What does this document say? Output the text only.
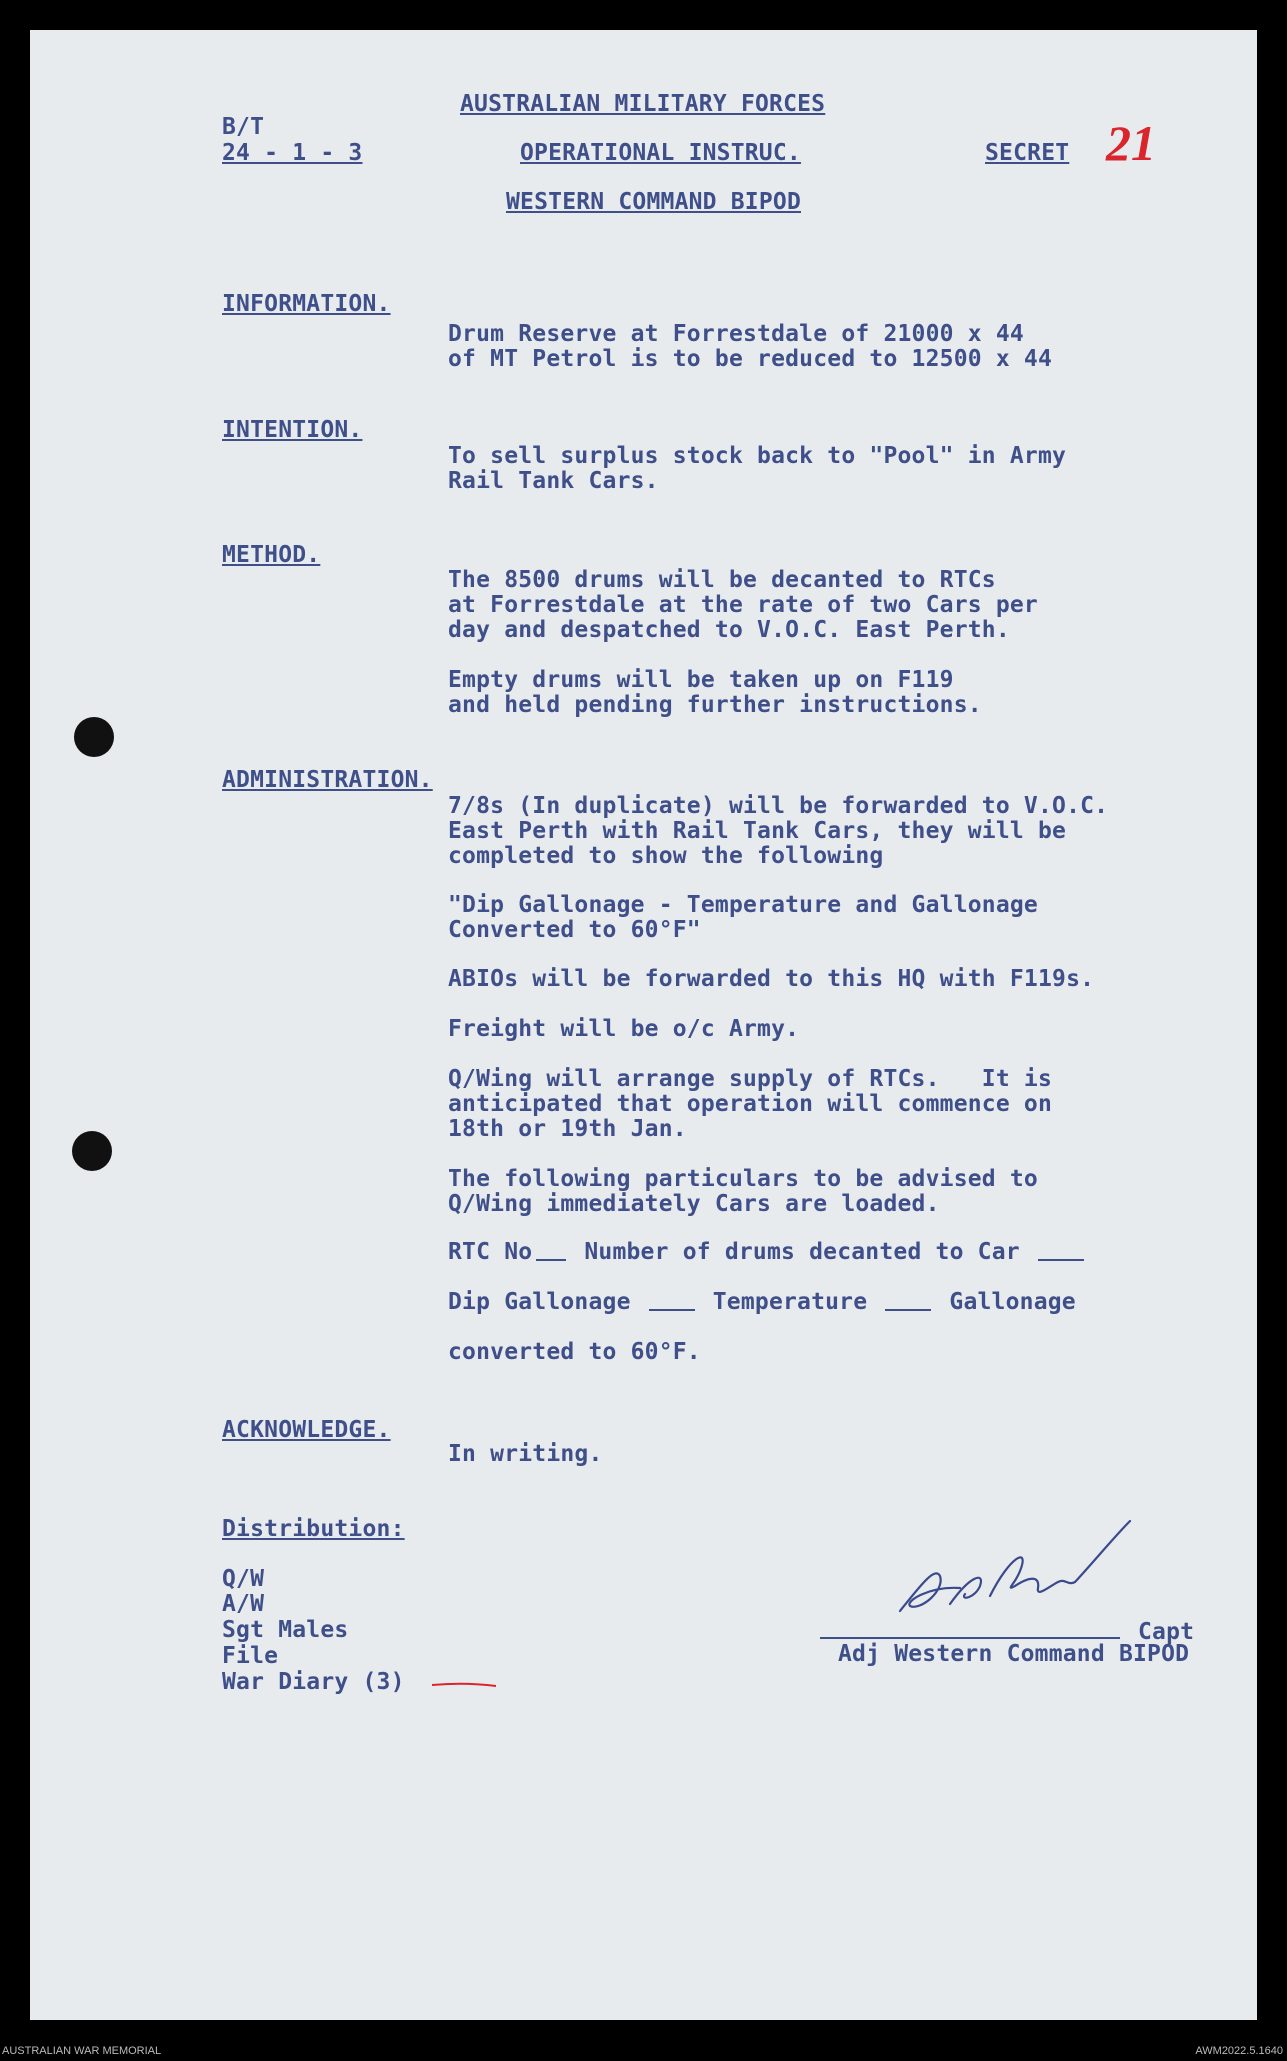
21
B/T
24 - 1 - 3
AUSTRALIAN MILITARY FORCES
OPERATIONAL INSTRUC.	SECRET
WESTERN COMMAND BIPOD
INFORMATION.
Drum Reserve at Forrestdale of 21000 x 44
of MT Petrol is to be reduced to 12500 x 44
INTENTION.
To sell surplus stock back to "Pool" in Army
Rail Tank Cars.
METHOD.
The 8500 drums will be decanted to RTCs
at Forrestdale at the rate of two Cars per
day and despatched to V.O.C. East Perth.
Empty drums will be taken up on F119
and held pending further instructions.
ADMINISTRATION.
7/8s (In duplicate) will be forwarded to V.O.C.
East Perth with Rail Tank Cars, they will be
completed to show the following
"Dip Gallonage - Temperature and Gallonage
Converted to 60°F"
ABIOs will be forwarded to this HQ with F119s.
Freight will be o/c Army.
Q/Wing will arrange supply of RTCs.   It is
anticipated that operation will commence on
18th or 19th Jan.
The following particulars to be advised to
Q/Wing immediately Cars are loaded.
RTC No Number of drums decanted to Car
Dip Gallonage	Temperature	Gallonage
converted to 60°F.
ACKNOWLEDGE.
In writing.
Distribution:
Q/W
A/W
Sgt Males
File
War Diary (3)
Capt
Adj Western Command BIPOD
AUSTRALIAN WAR MEMORIAL	AWM2022.5.1640
